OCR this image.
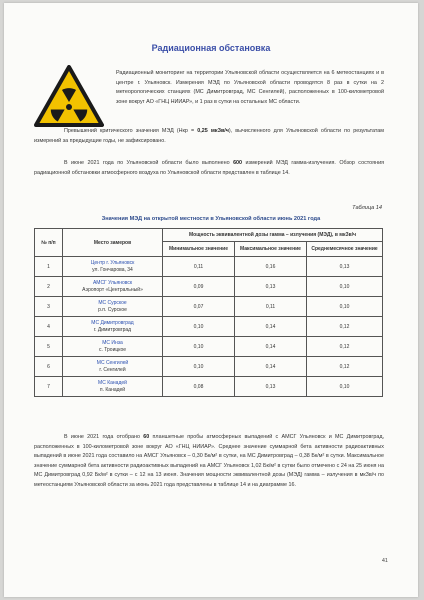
Радиационная обстановка
Радиационный мониторинг на территории Ульяновской области осуществляется на 6 метеостанциях и в центре г. Ульяновск. Измерения МЭД по Ульяновской области проводятся 8 раз в сутки на 2 метеорологических станциях (МС Димитровград, МС Сенгилей), расположенных в 100-километровой зоне вокруг АО «ГНЦ НИИАР», и 1 раз в сутки на остальных МС области.
Превышений критического значения МЭД (Нкр = 0,25 мкЗв/ч), вычисленного для Ульяновской области по результатам измерений за предыдущие годы, не зафиксировано.
В июне 2021 года по Ульяновской области было выполнено 600 измерений МЭД гамма-излучения. Обзор состояния радиационной обстановки атмосферного воздуха по Ульяновской области представлен в таблице 14.
Таблица 14
Значения МЭД на открытой местности в Ульяновской области июнь 2021 года
№ п/п	Место замеров	Мощность эквивалентной дозы гамма – излучения (МЭД), в мкЗв/ч		
		Минимальное значение	Максимальное значение	Среднемесячное значение
1	Центр г. Ульяновск
ул. Гончарова, 34	0,11	0,16	0,13
2	АМСГ Ульяновск
Аэропорт «Центральный»	0,09	0,13	0,10
3	МС Сурское
р.п. Сурское	0,07	0,11	0,10
4	МС Димитровград
г. Димитровград	0,10	0,14	0,12
5	МС Инза
с. Троицкое	0,10	0,14	0,12
6	МС Сенгилей
г. Сенгилей	0,10	0,14	0,12
7	МС Канадей
п. Канадей	0,08	0,13	0,10
В июне 2021 года отобрано 60 планшетные пробы атмосферных выпадений с АМСГ Ульяновск и МС Димитровград, расположенных в 100-километровой зоне вокруг АО «ГНЦ НИИАР». Среднее значение суммарной бета активности радиоактивных выпадений в июне 2021 года составило на АМСГ Ульяновск – 0,30 Бк/м² в сутки, на МС Димитровград – 0,38 Бк/м² в сутки. Максимальное значение суммарной бета активности радиоактивных выпадений на АМСГ Ульяновск 1,02 Бк/м² в сутки было отмечено с 24 на 25 июня на МС Димитровград 0,92 Бк/м² в сутки – с 12 на 13 июня. Значения мощности эквивалентной дозы (МЭД) гамма – излучения в мкЗв/ч по метеостанциям Ульяновской области за июнь 2021 года представлены в таблице 14 и на диаграмме 16.
41
